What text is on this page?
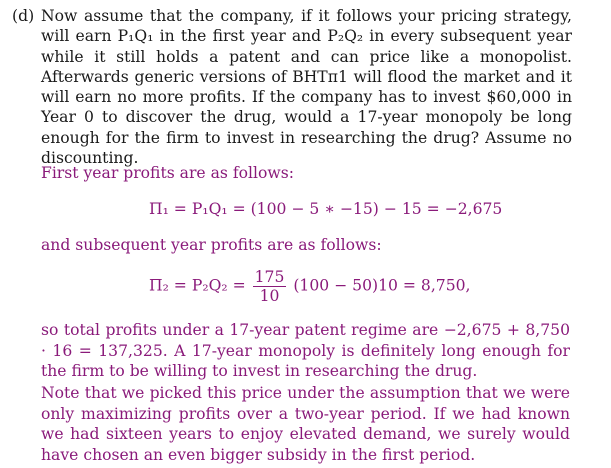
(d) Now assume that the company, if it follows your pricing strategy, will earn P₁Q₁ in the first year and P₂Q₂ in every subsequent year while it still holds a patent and can price like a monopolist. Afterwards generic versions of BHTπ1 will flood the market and it will earn no more profits. If the company has to invest $60,000 in Year 0 to discover the drug, would a 17-year monopoly be long enough for the firm to invest in researching the drug? Assume no discounting.
First year profits are as follows:
Π₁ = P₁Q₁ = (100 − 5 ∗ −15) − 15 = −2,675
and subsequent year profits are as follows:
$\Pi_2 = P_2Q_2 = \frac{175}{10} (100 - 50)10 = 8,750$,
so total profits under a 17-year patent regime are −2,675 + 8,750 · 16 = 137,325. A 17-year monopoly is definitely long enough for the firm to be willing to invest in researching the drug.
Note that we picked this price under the assumption that we were only maximizing profits over a two-year period. If we had known we had sixteen years to enjoy elevated demand, we surely would have chosen an even bigger subsidy in the first period.
